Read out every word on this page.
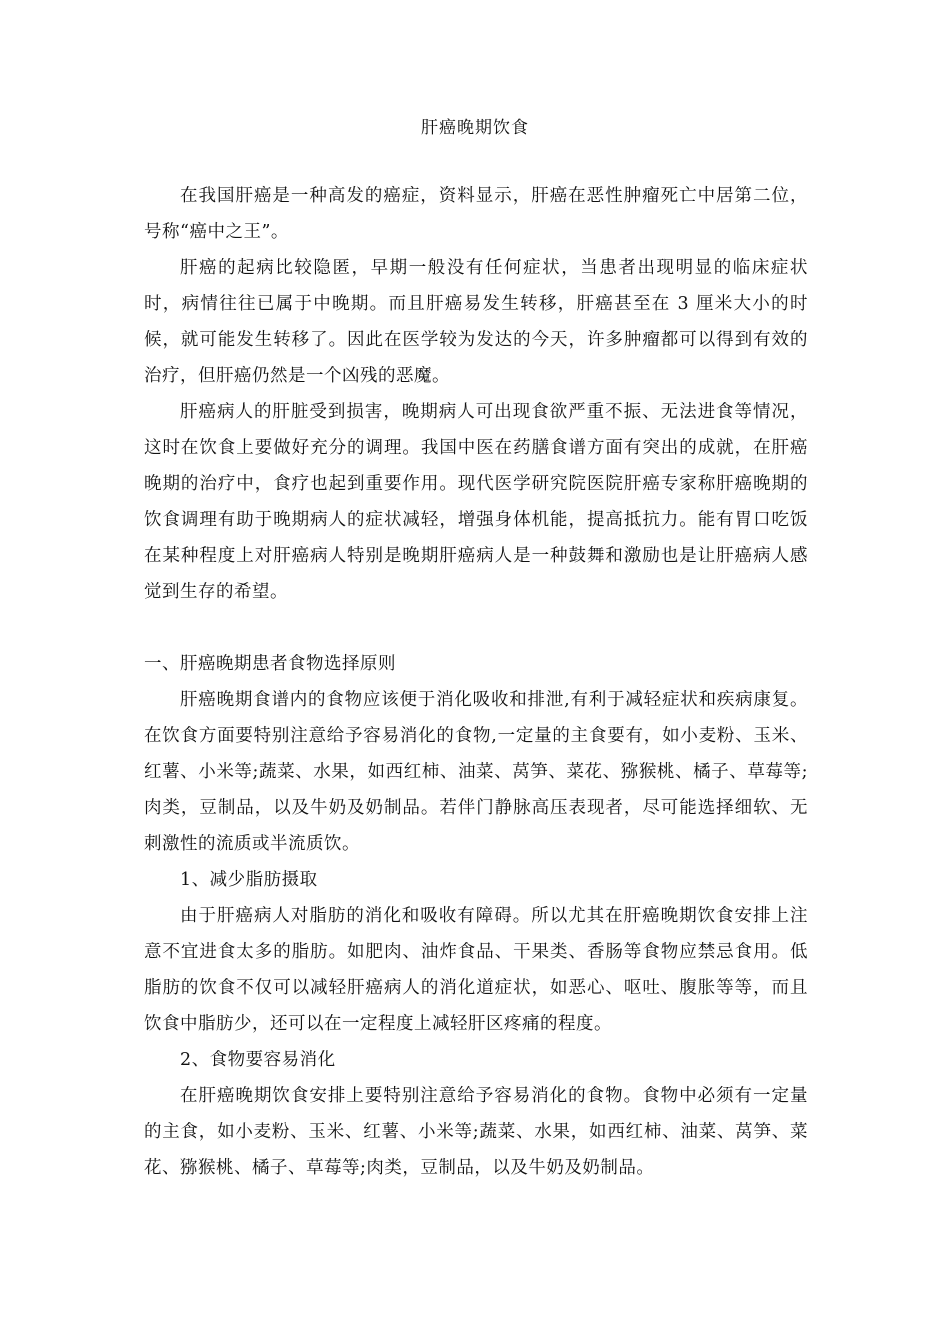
肝癌晚期饮食

在我国肝癌是一种高发的癌症，资料显示，肝癌在恶性肿瘤死亡中居第二位，号称“癌中之王”。

肝癌的起病比较隐匿，早期一般没有任何症状，当患者出现明显的临床症状时，病情往往已属于中晚期。而且肝癌易发生转移，肝癌甚至在 3 厘米大小的时候，就可能发生转移了。因此在医学较为发达的今天，许多肿瘤都可以得到有效的治疗，但肝癌仍然是一个凶残的恶魔。

肝癌病人的肝脏受到损害，晚期病人可出现食欲严重不振、无法进食等情况，这时在饮食上要做好充分的调理。我国中医在药膳食谱方面有突出的成就，在肝癌晚期的治疗中，食疗也起到重要作用。现代医学研究院医院肝癌专家称肝癌晚期的饮食调理有助于晚期病人的症状减轻，增强身体机能，提高抵抗力。能有胃口吃饭在某种程度上对肝癌病人特别是晚期肝癌病人是一种鼓舞和激励也是让肝癌病人感觉到生存的希望。

一、肝癌晚期患者食物选择原则

肝癌晚期食谱内的食物应该便于消化吸收和排泄,有利于减轻症状和疾病康复。在饮食方面要特别注意给予容易消化的食物,一定量的主食要有，如小麦粉、玉米、红薯、小米等;蔬菜、水果，如西红柿、油菜、莴笋、菜花、猕猴桃、橘子、草莓等;肉类，豆制品，以及牛奶及奶制品。若伴门静脉高压表现者，尽可能选择细软、无刺激性的流质或半流质饮。

1、减少脂肪摄取

由于肝癌病人对脂肪的消化和吸收有障碍。所以尤其在肝癌晚期饮食安排上注意不宜进食太多的脂肪。如肥肉、油炸食品、干果类、香肠等食物应禁忌食用。低脂肪的饮食不仅可以减轻肝癌病人的消化道症状，如恶心、呕吐、腹胀等等，而且饮食中脂肪少，还可以在一定程度上减轻肝区疼痛的程度。

2、食物要容易消化

在肝癌晚期饮食安排上要特别注意给予容易消化的食物。食物中必须有一定量的主食，如小麦粉、玉米、红薯、小米等;蔬菜、水果，如西红柿、油菜、莴笋、菜花、猕猴桃、橘子、草莓等;肉类，豆制品，以及牛奶及奶制品。
